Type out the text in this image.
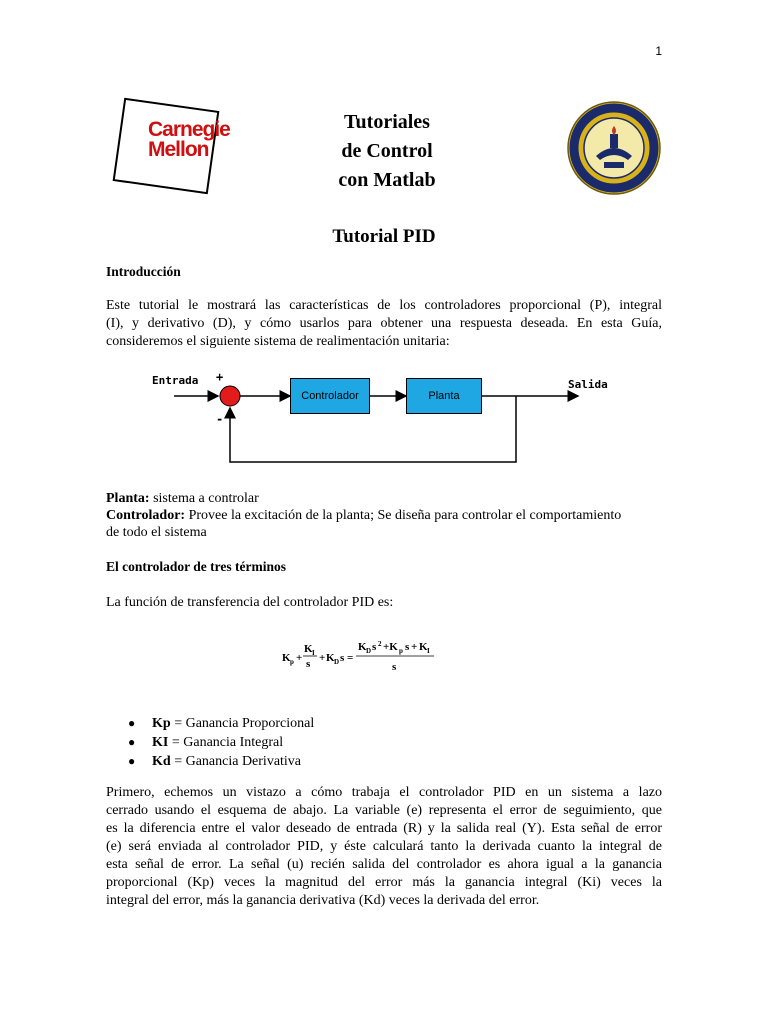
1
Carnegie
Mellon
Tutoriales
de Control
con Matlab
Tutorial PID
Introducción
Este tutorial le mostrará las características de los controladores proporcional (P), integral
(I), y derivativo (D), y cómo usarlos para obtener una respuesta deseada. En esta Guía,
consideremos el siguiente sistema de realimentación unitaria:
Entrada +
-
Controlador	Planta
Salida
Planta: sistema a controlar
Controlador: Provee la excitación de la planta; Se diseña para controlar el comportamiento
de todo el sistema
El controlador de tres términos
La función de transferencia del controlador PID es:
K p +
K I
s + K D s =
K D s 2 +K p s + K I
s
●	Kp = Ganancia Proporcional
●	KI = Ganancia Integral
●	Kd = Ganancia Derivativa
Primero, echemos un vistazo a cómo trabaja el controlador PID en un sistema a lazo
cerrado usando el esquema de abajo. La variable (e) representa el error de seguimiento, que
es la diferencia entre el valor deseado de entrada (R) y la salida real (Y). Esta señal de error
(e) será enviada al controlador PID, y éste calculará tanto la derivada cuanto la integral de
esta señal de error. La señal (u) recién salida del controlador es ahora igual a la ganancia
proporcional (Kp) veces la magnitud del error más la ganancia integral (Ki) veces la
integral del error, más la ganancia derivativa (Kd) veces la derivada del error.
